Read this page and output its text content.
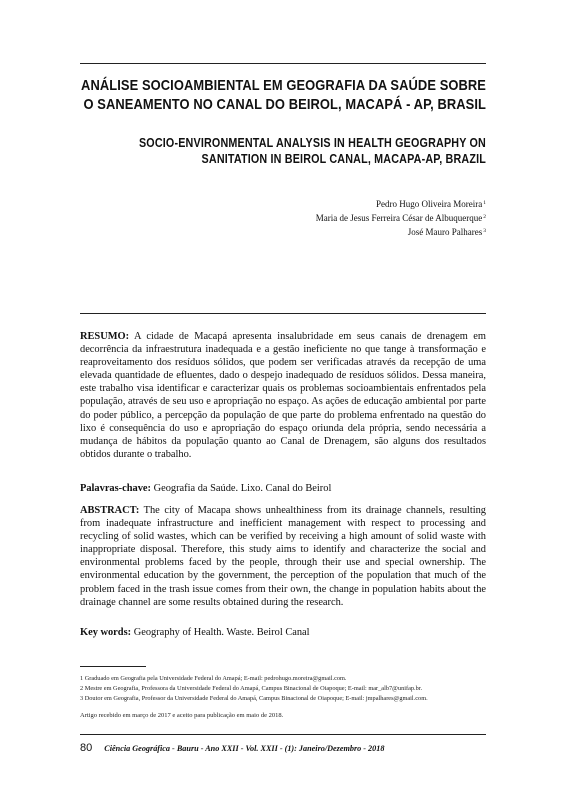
ANÁLISE SOCIOAMBIENTAL EM GEOGRAFIA DA SAÚDE SOBRE
O SANEAMENTO NO CANAL DO BEIROL, MACAPÁ - AP, BRASIL
SOCIO-ENVIRONMENTAL ANALYSIS IN HEALTH GEOGRAPHY ON
SANITATION IN BEIROL CANAL, MACAPA-AP, BRAZIL
Pedro Hugo Oliveira Moreira$^1$
Maria de Jesus Ferreira César de Albuquerque$^2$
José Mauro Palhares$^3$
RESUMO: A cidade de Macapá apresenta insalubridade em seus canais de drenagem em decorrência da infraestrutura inadequada e a gestão ineficiente no que tange à transformação e reaproveitamento dos resíduos sólidos, que podem ser verificadas através da recepção de uma elevada quantidade de efluentes, dado o despejo inadequado de resíduos sólidos. Dessa maneira, este trabalho visa identificar e caracterizar quais os problemas socioambientais enfrentados pela população, através de seu uso e apropriação no espaço. As ações de educação ambiental por parte do poder público, a percepção da população de que parte do problema enfrentado na questão do lixo é consequência do uso e apropriação do espaço oriunda dela própria, sendo necessária a mudança de hábitos da população quanto ao Canal de Drenagem, são alguns dos resultados obtidos durante o trabalho.
Palavras-chave: Geografia da Saúde. Lixo. Canal do Beirol
ABSTRACT: The city of Macapa shows unhealthiness from its drainage channels, resulting from inadequate infrastructure and inefficient management with respect to processing and recycling of solid wastes, which can be verified by receiving a high amount of solid waste with inappropriate disposal. Therefore, this study aims to identify and characterize the social and environmental problems faced by the people, through their use and special ownership. The environmental education by the government, the perception of the population that much of the problem faced in the trash issue comes from their own, the change in population habits about the drainage channel are some results obtained during the research.
Key words: Geography of Health. Waste. Beirol Canal
1 Graduado em Geografia pela Universidade Federal do Amapá; E-mail: pedrohugo.moreira@gmail.com.
2 Mestre em Geografia, Professora da Universidade Federal do Amapá, Campus Binacional de Oiapoque; E-mail: mar_alb7@unifap.br.
3 Doutor em Geografia, Professor da Universidade Federal do Amapá, Campus Binacional de Oiapoque; E-mail: jmpalhares@gmail.com.
Artigo recebido em março de 2017 e aceito para publicação em maio de 2018.
80 Ciência Geográfica - Bauru - Ano XXII - Vol. XXII - (1): Janeiro/Dezembro - 2018
